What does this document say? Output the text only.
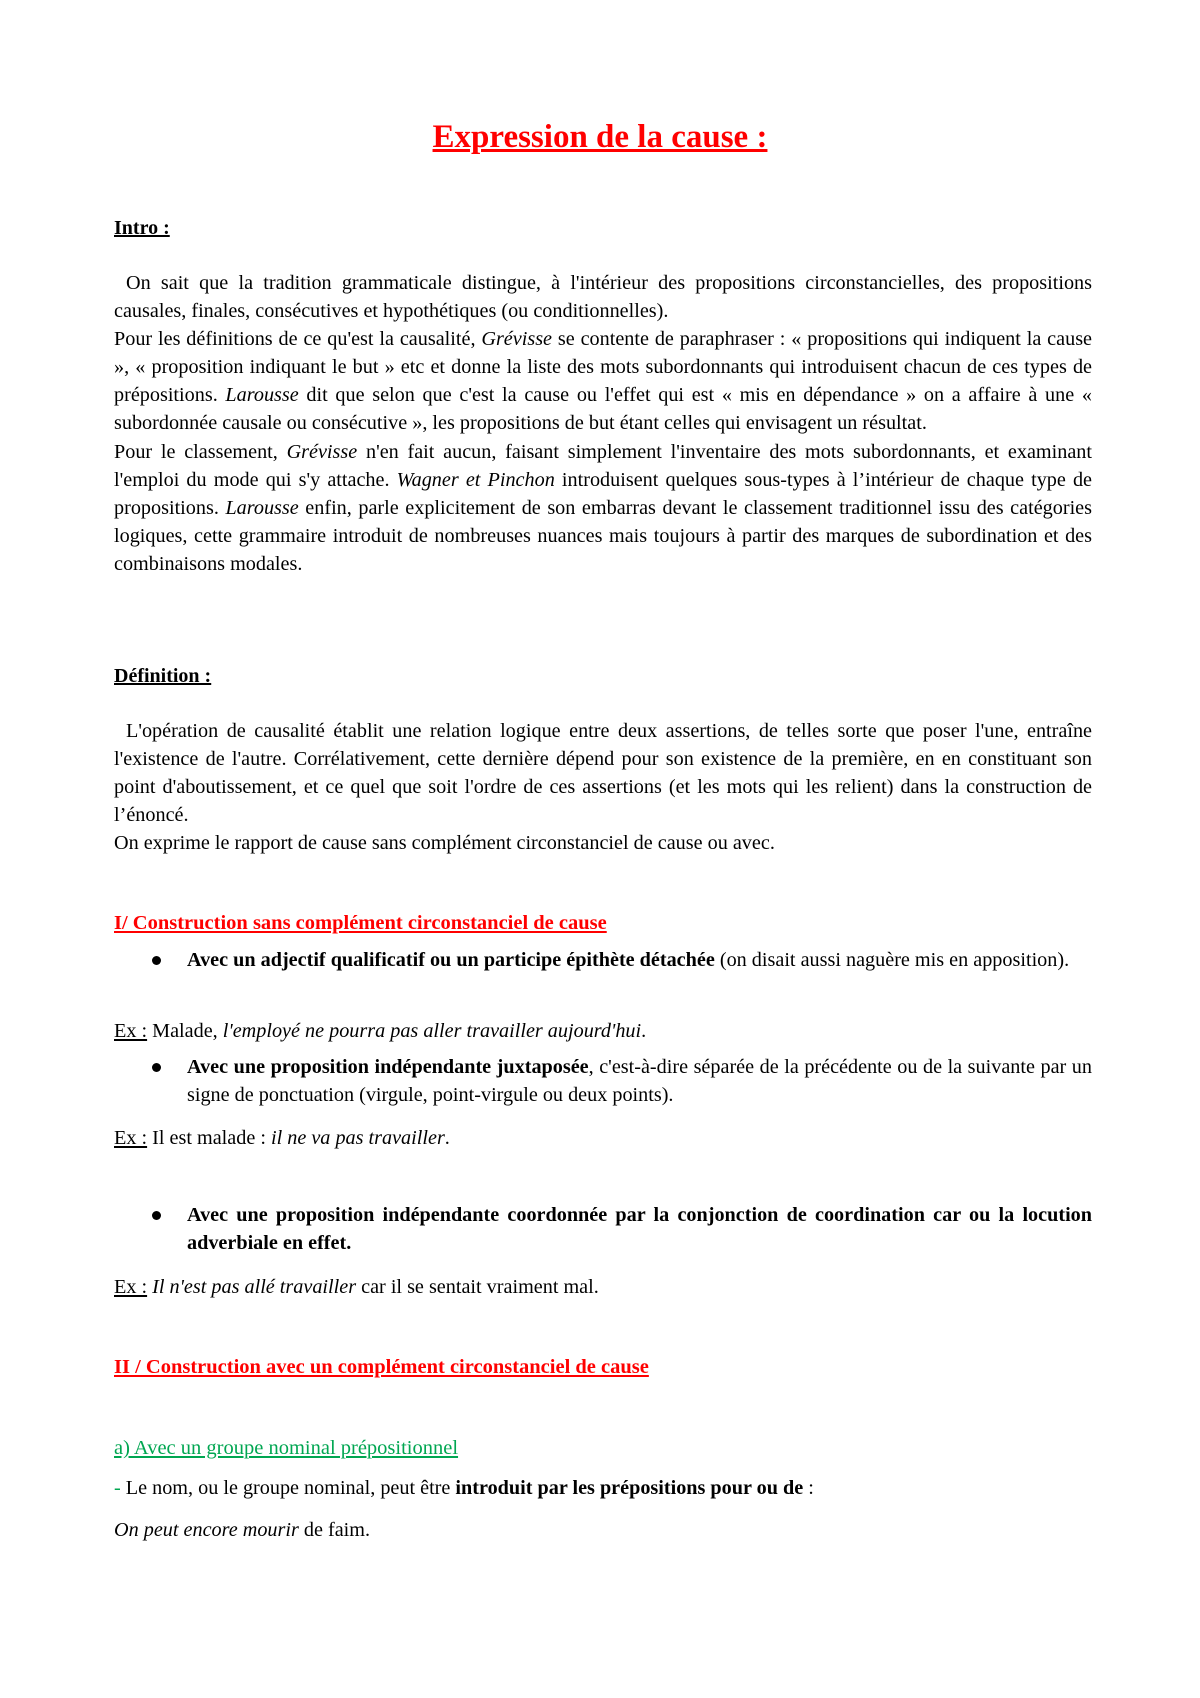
Expression de la cause :
Intro :

On sait que la tradition grammaticale distingue, à l'intérieur des propositions circonstancielles, des propositions causales, finales, consécutives et hypothétiques (ou conditionnelles).

Pour les définitions de ce qu'est la causalité, Grévisse se contente de paraphraser : « propositions qui indiquent la cause », « proposition indiquant le but » etc et donne la liste des mots subordonnants qui introduisent chacun de ces types de prépositions. Larousse dit que selon que c'est la cause ou l'effet qui est « mis en dépendance » on a affaire à une « subordonnée causale ou consécutive », les propositions de but étant celles qui envisagent un résultat.

Pour le classement, Grévisse n'en fait aucun, faisant simplement l'inventaire des mots subordonnants, et examinant l'emploi du mode qui s'y attache. Wagner et Pinchon introduisent quelques sous-types à l’intérieur de chaque type de propositions. Larousse enfin, parle explicitement de son embarras devant le classement traditionnel issu des catégories logiques, cette grammaire introduit de nombreuses nuances mais toujours à partir des marques de subordination et des combinaisons modales.

Définition :

L'opération de causalité établit une relation logique entre deux assertions, de telles sorte que poser l'une, entraîne l'existence de l'autre. Corrélativement, cette dernière dépend pour son existence de la première, en en constituant son point d'aboutissement, et ce quel que soit l'ordre de ces assertions (et les mots qui les relient) dans la construction de l’énoncé.

On exprime le rapport de cause sans complément circonstanciel de cause ou avec.

I/ Construction sans complément circonstanciel de cause
Avec un adjectif qualificatif ou un participe épithète détachée (on disait aussi naguère mis en apposition).
Ex : Malade, l'employé ne pourra pas aller travailler aujourd'hui.
Avec une proposition indépendante juxtaposée, c'est-à-dire séparée de la précédente ou de la suivante par un signe de ponctuation (virgule, point-virgule ou deux points).
Ex : Il est malade : il ne va pas travailler.
Avec une proposition indépendante coordonnée par la conjonction de coordination car ou la locution adverbiale en effet.
Ex : Il n'est pas allé travailler car il se sentait vraiment mal.
II / Construction avec un complément circonstanciel de cause
a) Avec un groupe nominal prépositionnel
- Le nom, ou le groupe nominal, peut être introduit par les prépositions pour ou de :
On peut encore mourir de faim.
